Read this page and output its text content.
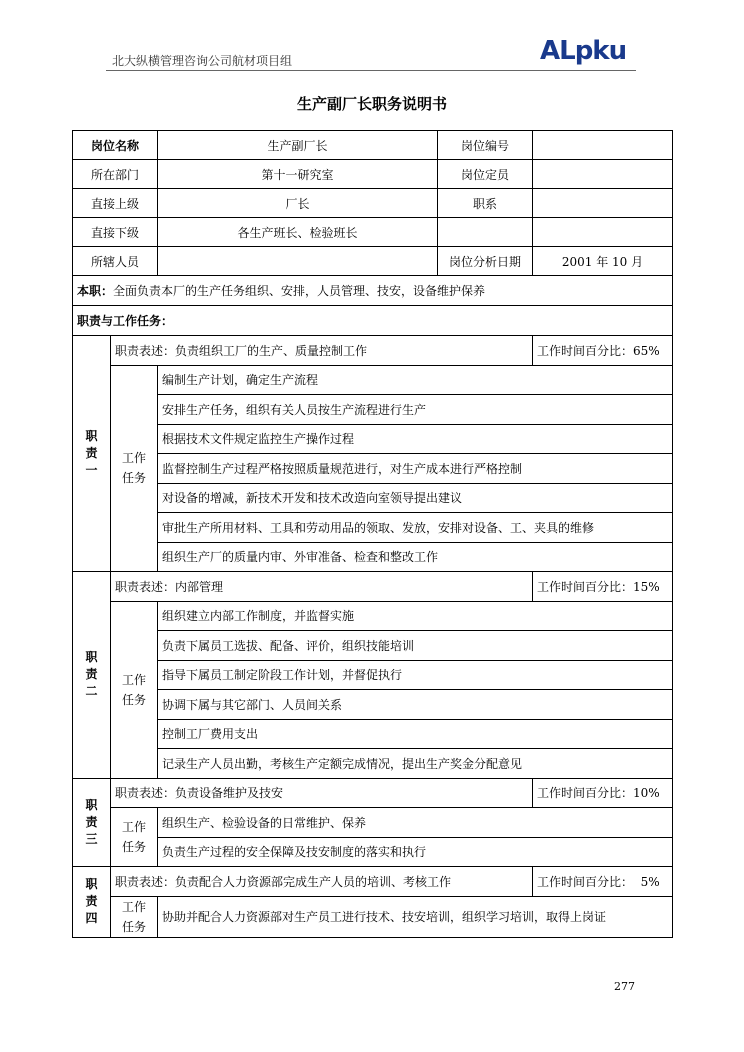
北大纵横管理咨询公司航材项目组	ALpku
生产副厂长职务说明书
岗位名称		生产副厂长	岗位编号	
所在部门		第十一研究室	岗位定员	
直接上级		厂长	职系	
直接下级		各生产班长、检验班长		
所辖人员			岗位分析日期	2001 年 10 月
本职：全面负责本厂的生产任务组织、安排，人员管理、技安，设备维护保养				
职责与工作任务：				

职责一	职责表述：负责组织工厂的生产、质量控制工作			工作时间百分比：65%

	工作任务	编制生产计划，确定生产流程		
		安排生产任务，组织有关人员按生产流程进行生产		
		根据技术文件规定监控生产操作过程		
		监督控制生产过程严格按照质量规范进行，对生产成本进行严格控制		
		对设备的增减，新技术开发和技术改造向室领导提出建议		
		审批生产所用材料、工具和劳动用品的领取、发放，安排对设备、工、夹具的维修		
		组织生产厂的质量内审、外审准备、检查和整改工作		

职责二	职责表述：内部管理			工作时间百分比：15%

	工作任务	组织建立内部工作制度，并监督实施		
		负责下属员工选拔、配备、评价，组织技能培训		
		指导下属员工制定阶段工作计划，并督促执行		
		协调下属与其它部门、人员间关系		
		控制工厂费用支出		
		记录生产人员出勤，考核生产定额完成情况，提出生产奖金分配意见		

职责三	职责表述：负责设备维护及技安			工作时间百分比：10%

	工作任务	组织生产、检验设备的日常维护、保养		
		负责生产过程的安全保障及技安制度的落实和执行		

职责四	职责表述：负责配合人力资源部完成生产人员的培训、考核工作			工作时间百分比：  5%

	工作任务	协助并配合人力资源部对生产员工进行技术、技安培训，组织学习培训，取得上岗证		
277
